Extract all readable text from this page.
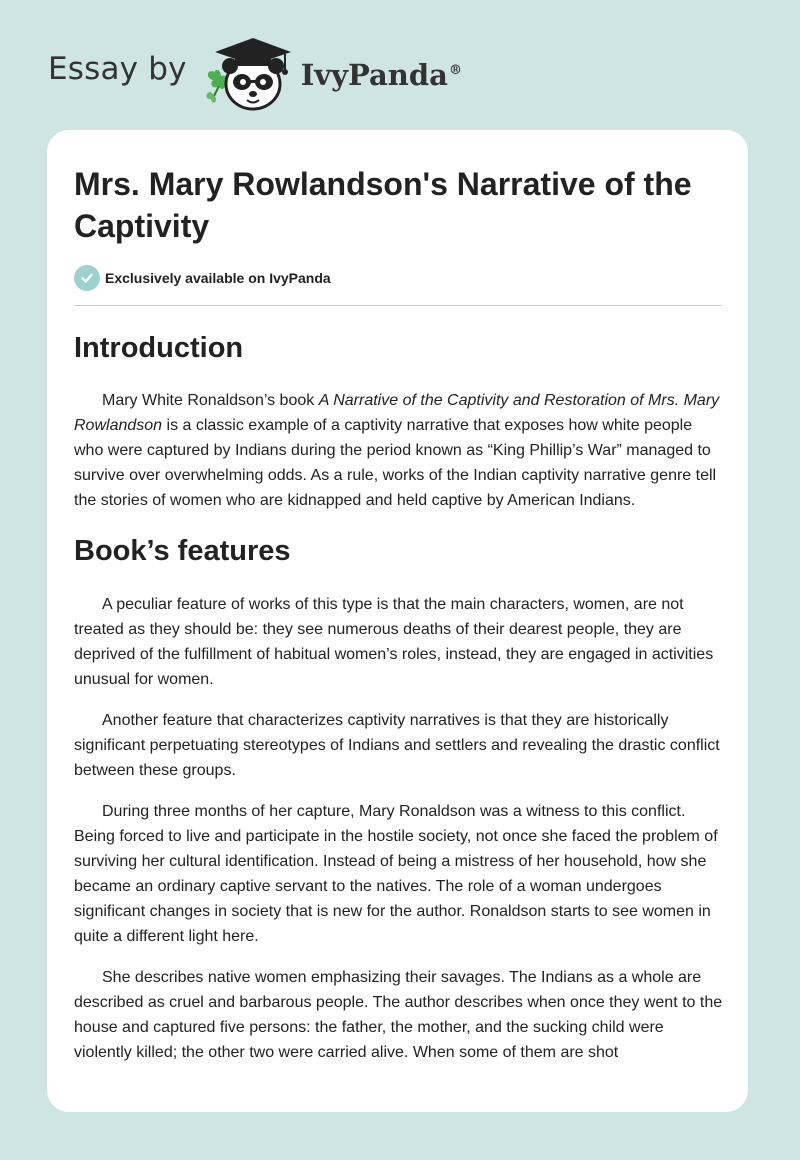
Essay by	IvyPanda®
Mrs. Mary Rowlandson's Narrative of the Captivity
Exclusively available on IvyPanda
Introduction

Mary White Ronaldson’s book A Narrative of the Captivity and Restoration of Mrs. Mary Rowlandson is a classic example of a captivity narrative that exposes how white people who were captured by Indians during the period known as “King Phillip’s War” managed to survive over overwhelming odds. As a rule, works of the Indian captivity narrative genre tell the stories of women who are kidnapped and held captive by American Indians.

Book’s features

A peculiar feature of works of this type is that the main characters, women, are not treated as they should be: they see numerous deaths of their dearest people, they are deprived of the fulfillment of habitual women’s roles, instead, they are engaged in activities unusual for women.

Another feature that characterizes captivity narratives is that they are historically significant perpetuating stereotypes of Indians and settlers and revealing the drastic conflict between these groups.

During three months of her capture, Mary Ronaldson was a witness to this conflict. Being forced to live and participate in the hostile society, not once she faced the problem of surviving her cultural identification. Instead of being a mistress of her household, how she became an ordinary captive servant to the natives. The role of a woman undergoes significant changes in society that is new for the author. Ronaldson starts to see women in quite a different light here.

She describes native women emphasizing their savages. The Indians as a whole are described as cruel and barbarous people. The author describes when once they went to the house and captured five persons: the father, the mother, and the sucking child were violently killed; the other two were carried alive. When some of them are shot
